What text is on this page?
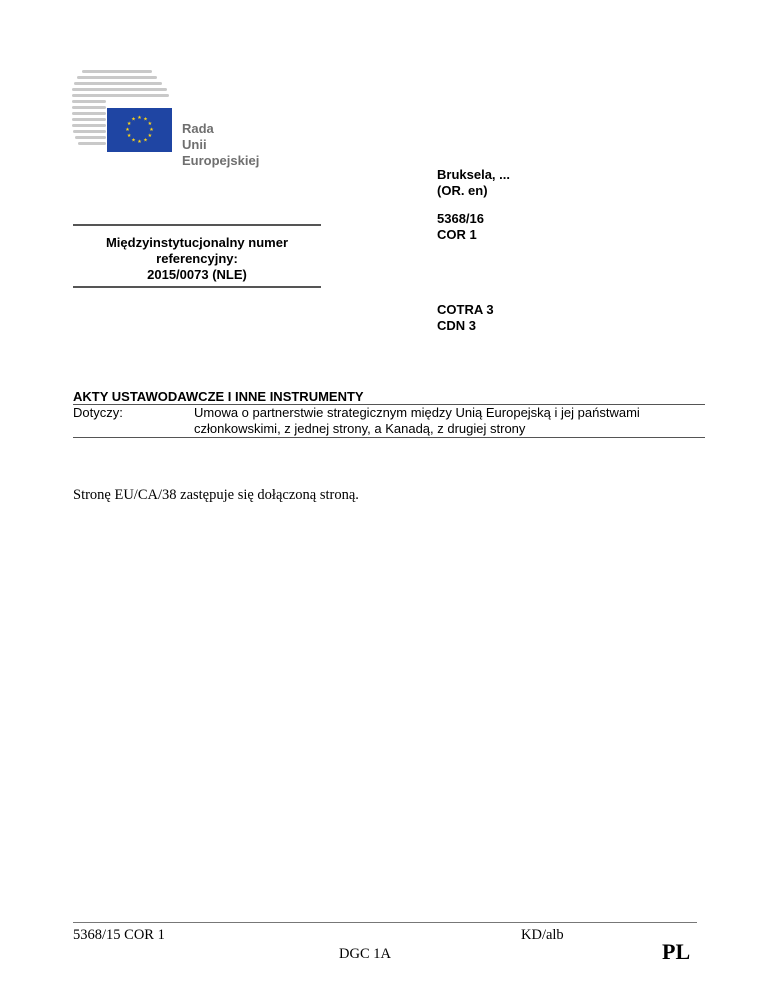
★ ★
★
★
★
★
★
★
★
★
★
★
Rada
Unii Europejskiej
Bruksela, ...
(OR. en)
5368/16
COR 1
COTRA 3
CDN 3
Międzyinstytucjonalny numer
referencyjny:
2015/0073 (NLE)
AKTY USTAWODAWCZE I INNE INSTRUMENTY
Dotyczy:	Umowa o partnerstwie strategicznym między Unią Europejską i jej państwami
członkowskimi, z jednej strony, a Kanadą, z drugiej strony
Stronę EU/CA/38 zastępuje się dołączoną stroną.
5368/15 COR 1	KD/alb
DGC 1A	PL
